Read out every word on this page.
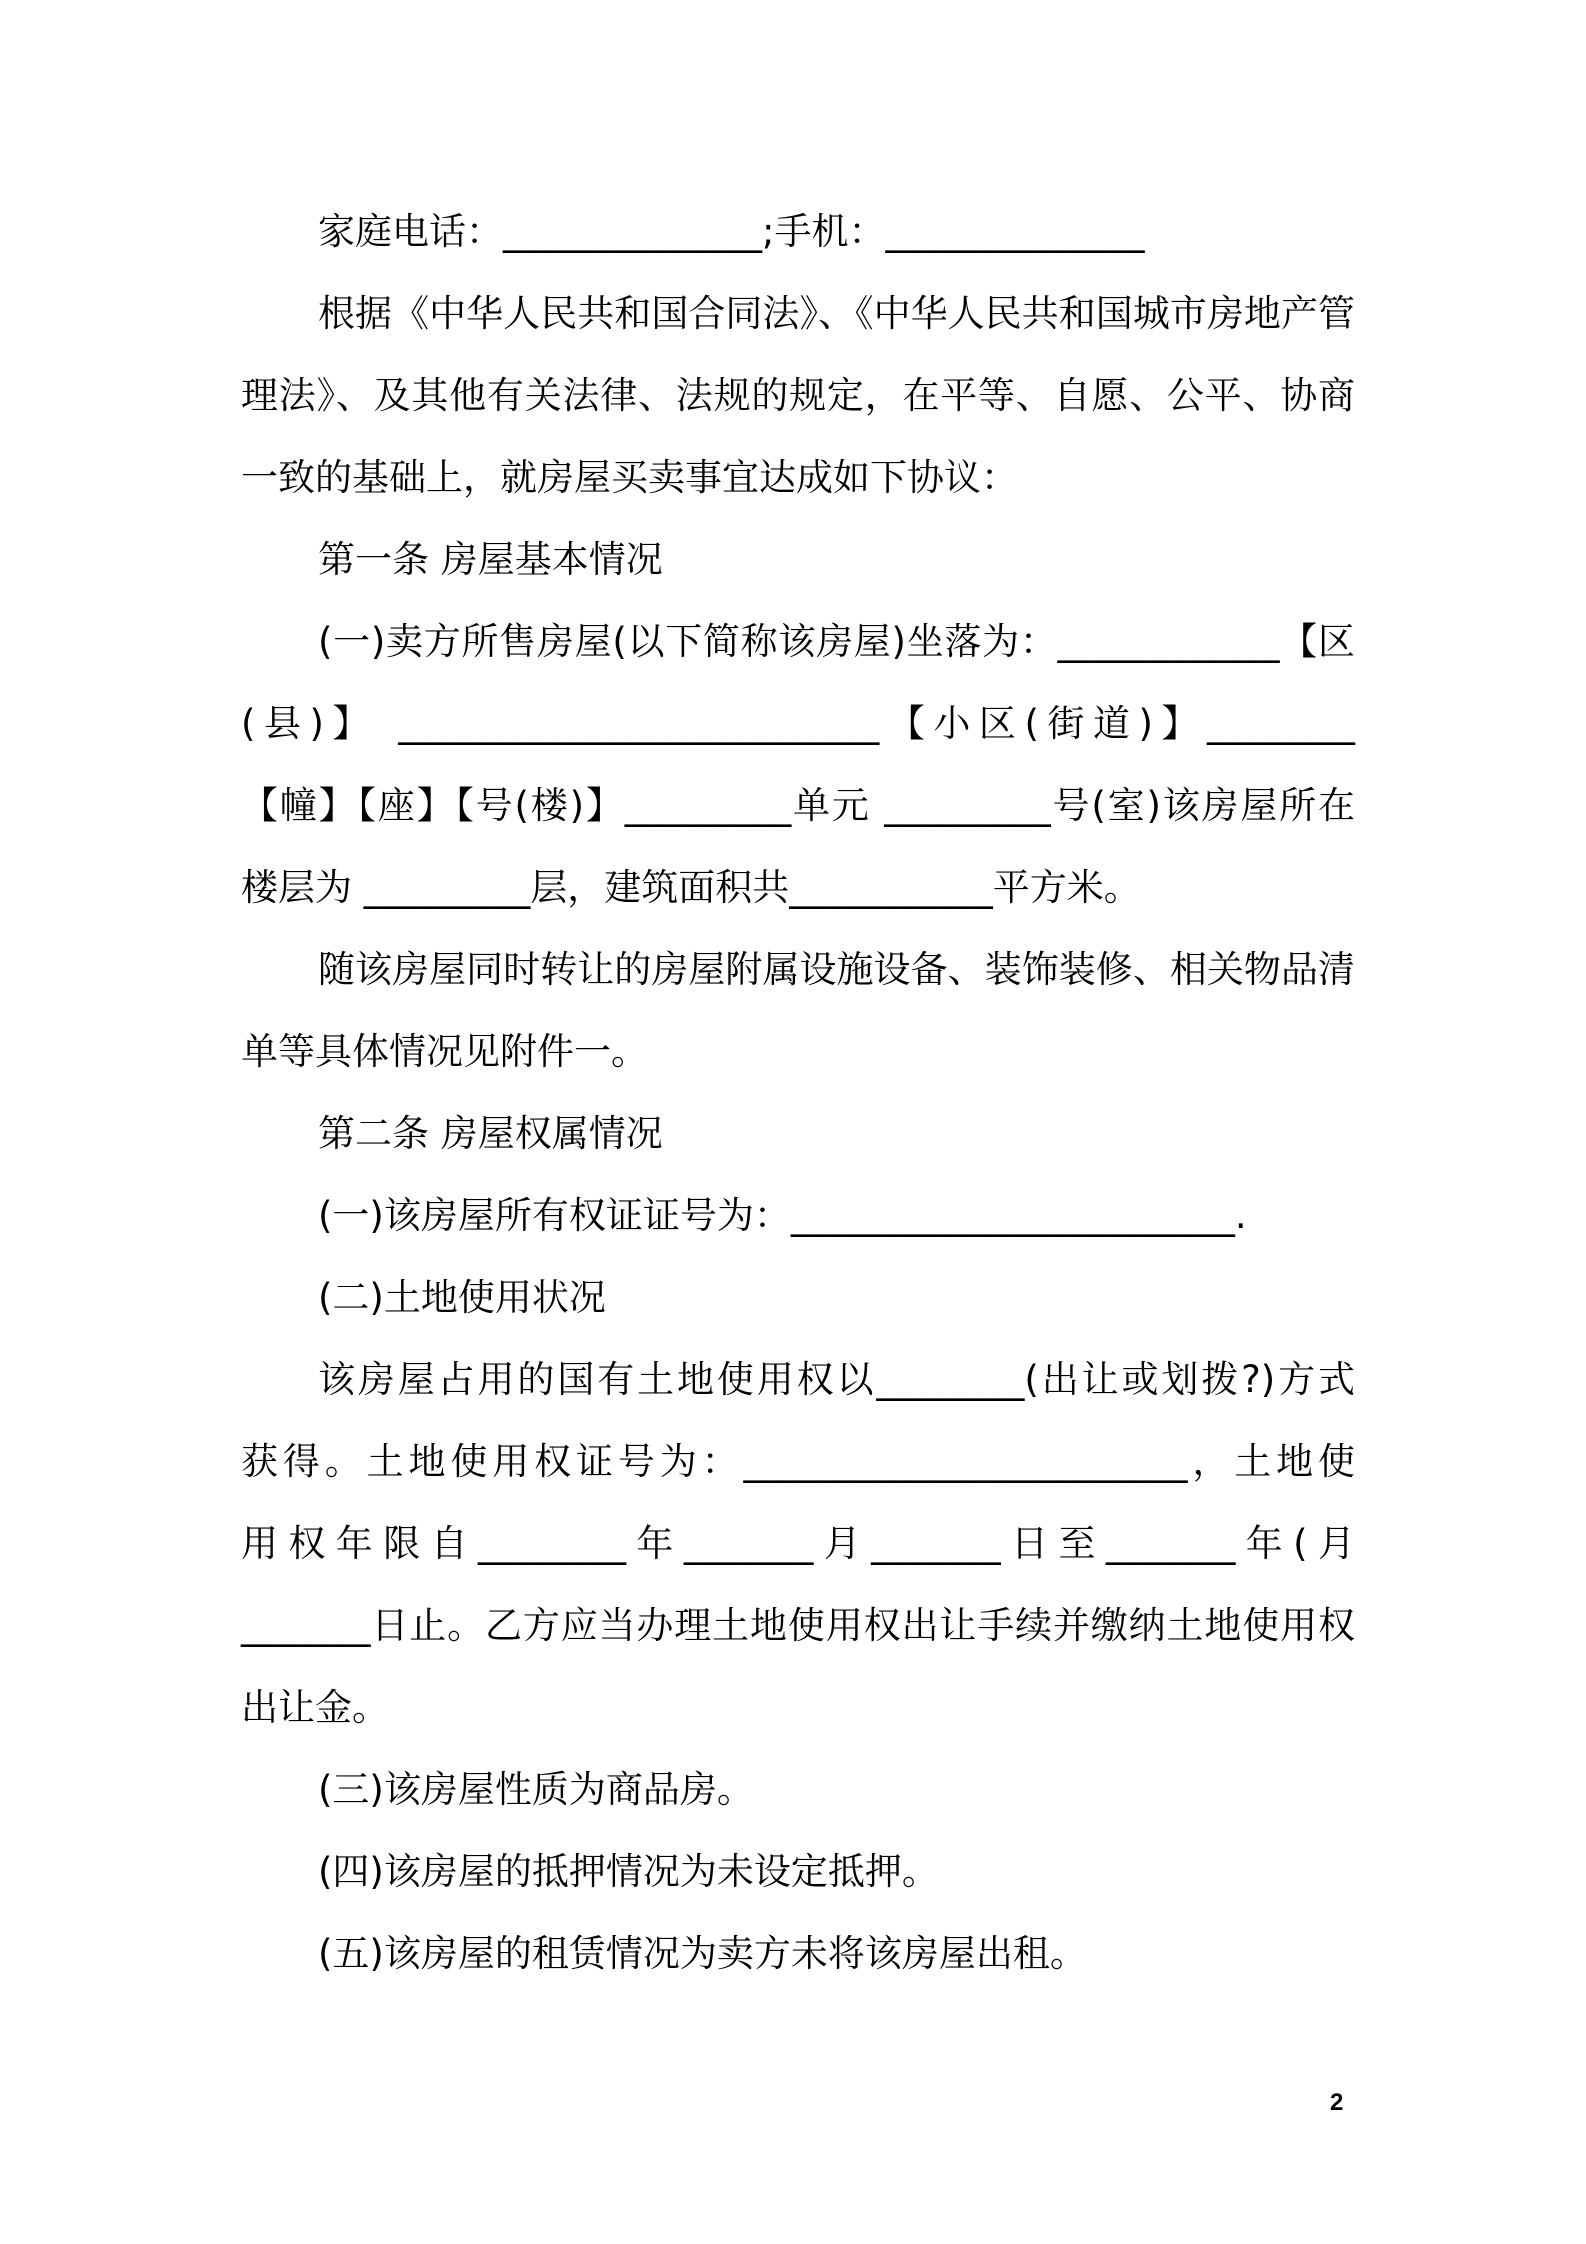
家庭电话：______________;手机：______________
根据《中华人民共和国合同法》、《中华人民共和国城市房地产管
理法》、及其他有关法律、法规的规定，在平等、自愿、公平、协商
一致的基础上，就房屋买卖事宜达成如下协议：
第一条 房屋基本情况
(一)卖方所售房屋(以下简称该房屋)坐落为：____________【区
(县)】 __________________________【小区(街道)】________
【幢】【座】【号(楼)】_________单元 _________号(室)该房屋所在
楼层为 _________层，建筑面积共___________平方米。
随该房屋同时转让的房屋附属设施设备、装饰装修、相关物品清
单等具体情况见附件一。
第二条 房屋权属情况
(一)该房屋所有权证证号为：________________________.
(二)土地使用状况
该房屋占用的国有土地使用权以________(出让或划拨?)方式
获得。土地使用权证号为：________________________，土地使
用权年限自________年_______月_______日至_______年(月
_______日止。乙方应当办理土地使用权出让手续并缴纳土地使用权
出让金。
(三)该房屋性质为商品房。
(四)该房屋的抵押情况为未设定抵押。
(五)该房屋的租赁情况为卖方未将该房屋出租。
2
